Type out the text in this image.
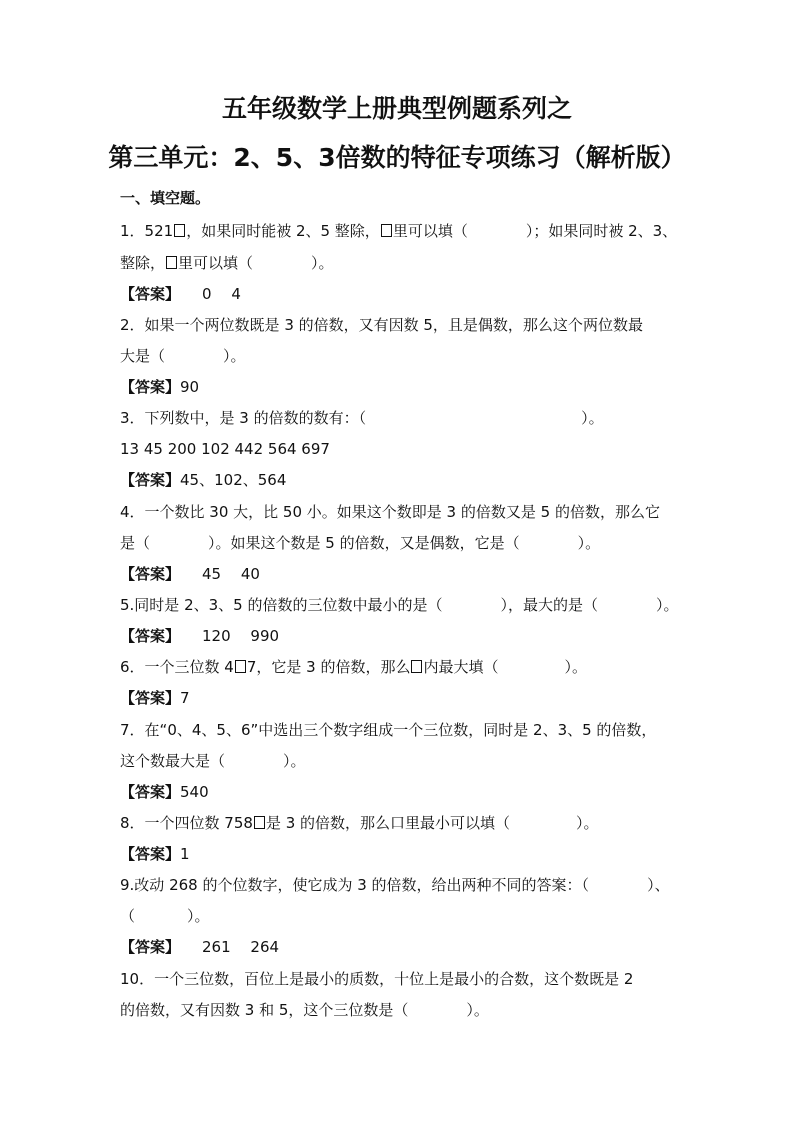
五年级数学上册典型例题系列之
第三单元：2、5、3倍数的特征专项练习（解析版）
一、填空题。
1．521 ，如果同时能被 2、5 整除， 里可以填（	）；如果同时被 2、3、
整除， 里可以填（	）。
【答案】 0　 4
2．如果一个两位数既是 3 的倍数，又有因数 5，且是偶数，那么这个两位数最
大是（	）。
【答案】90
3．下列数中，是 3 的倍数的数有：（	）。
13 45 200 102 442 564 697
【答案】45、102、564
4．一个数比 30 大，比 50 小。如果这个数即是 3 的倍数又是 5 的倍数，那么它
是（	）。如果这个数是 5 的倍数，又是偶数，它是（	）。
【答案】 45　 40
5.同时是 2、3、5 的倍数的三位数中最小的是（	），最大的是（	）。
【答案】 120　 990
6．一个三位数 4 7，它是 3 的倍数，那么 内最大填（	）。
【答案】7
7．在“0、4、5、6”中选出三个数字组成一个三位数，同时是 2、3、5 的倍数，
这个数最大是（	）。
【答案】540
8．一个四位数 758 是 3 的倍数，那么口里最小可以填（	）。
【答案】1
9.改动 268 的个位数字，使它成为 3 的倍数，给出两种不同的答案：（	）、
（	）。
【答案】 261　 264
10．一个三位数，百位上是最小的质数，十位上是最小的合数，这个数既是 2
的倍数，又有因数 3 和 5，这个三位数是（	）。
